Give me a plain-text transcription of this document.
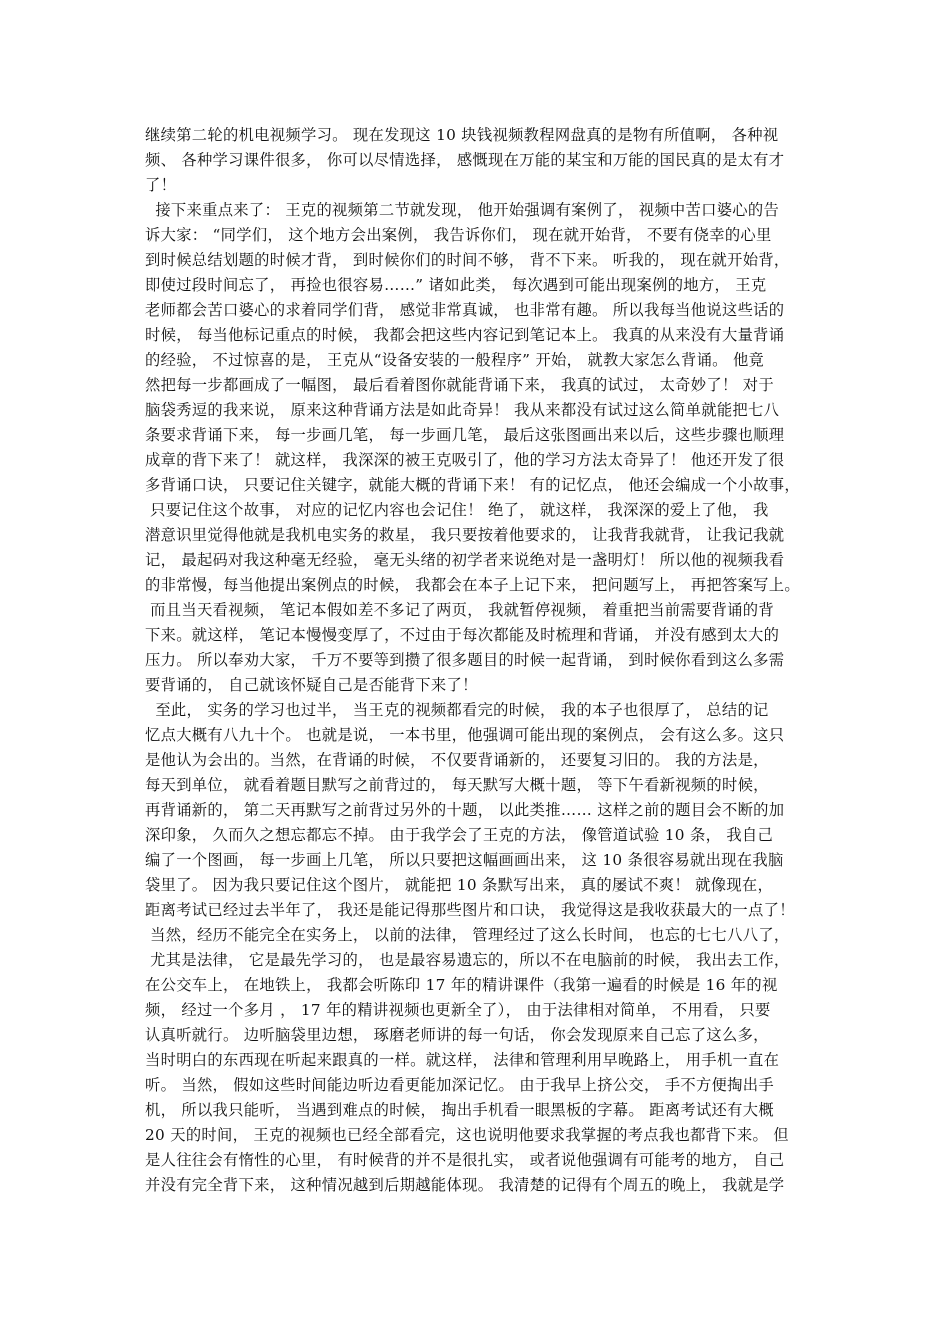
继续第二轮的机电视频学习。 现在发现这 10 块钱视频教程网盘真的是物有所值啊， 各种视
频、 各种学习课件很多， 你可以尽情选择， 感慨现在万能的某宝和万能的国民真的是太有才
了！
接下来重点来了： 王克的视频第二节就发现， 他开始强调有案例了， 视频中苦口婆心的告
诉大家： “同学们， 这个地方会出案例， 我告诉你们， 现在就开始背， 不要有侥幸的心里
到时候总结划题的时候才背， 到时候你们的时间不够， 背不下来。 听我的， 现在就开始背，
即使过段时间忘了， 再捡也很容易……” 诸如此类， 每次遇到可能出现案例的地方， 王克
老师都会苦口婆心的求着同学们背， 感觉非常真诚， 也非常有趣。 所以我每当他说这些话的
时候， 每当他标记重点的时候， 我都会把这些内容记到笔记本上。 我真的从来没有大量背诵
的经验， 不过惊喜的是， 王克从“设备安装的一般程序” 开始， 就教大家怎么背诵。 他竟
然把每一步都画成了一幅图， 最后看着图你就能背诵下来， 我真的试过， 太奇妙了！ 对于
脑袋秀逗的我来说， 原来这种背诵方法是如此奇异！ 我从来都没有试过这么简单就能把七八
条要求背诵下来， 每一步画几笔， 每一步画几笔， 最后这张图画出来以后，这些步骤也顺理
成章的背下来了！ 就这样， 我深深的被王克吸引了，他的学习方法太奇异了！ 他还开发了很
多背诵口诀， 只要记住关键字，就能大概的背诵下来！ 有的记忆点， 他还会编成一个小故事，
只要记住这个故事， 对应的记忆内容也会记住！ 绝了， 就这样， 我深深的爱上了他， 我
潜意识里觉得他就是我机电实务的救星， 我只要按着他要求的， 让我背我就背， 让我记我就
记， 最起码对我这种毫无经验， 毫无头绪的初学者来说绝对是一盏明灯！ 所以他的视频我看
的非常慢，每当他提出案例点的时候， 我都会在本子上记下来， 把问题写上， 再把答案写上。
而且当天看视频， 笔记本假如差不多记了两页， 我就暂停视频， 着重把当前需要背诵的背
下来。就这样， 笔记本慢慢变厚了，不过由于每次都能及时梳理和背诵， 并没有感到太大的
压力。 所以奉劝大家， 千万不要等到攒了很多题目的时候一起背诵， 到时候你看到这么多需
要背诵的， 自己就该怀疑自己是否能背下来了！
至此， 实务的学习也过半， 当王克的视频都看完的时候， 我的本子也很厚了， 总结的记
忆点大概有八九十个。 也就是说， 一本书里，他强调可能出现的案例点， 会有这么多。这只
是他认为会出的。当然，在背诵的时候， 不仅要背诵新的， 还要复习旧的。 我的方法是，
每天到单位， 就看着题目默写之前背过的， 每天默写大概十题， 等下午看新视频的时候，
再背诵新的， 第二天再默写之前背过另外的十题， 以此类推…… 这样之前的题目会不断的加
深印象， 久而久之想忘都忘不掉。 由于我学会了王克的方法， 像管道试验 10 条， 我自己
编了一个图画， 每一步画上几笔， 所以只要把这幅画画出来， 这 10 条很容易就出现在我脑
袋里了。 因为我只要记住这个图片， 就能把 10 条默写出来， 真的屡试不爽！ 就像现在，
距离考试已经过去半年了， 我还是能记得那些图片和口诀， 我觉得这是我收获最大的一点了！
当然，经历不能完全在实务上， 以前的法律， 管理经过了这么长时间， 也忘的七七八八了，
尤其是法律， 它是最先学习的， 也是最容易遗忘的，所以不在电脑前的时候， 我出去工作，
在公交车上， 在地铁上， 我都会听陈印 17 年的精讲课件（我第一遍看的时候是 16 年的视
频， 经过一个多月 ， 17 年的精讲视频也更新全了）， 由于法律相对简单， 不用看， 只要
认真听就行。 边听脑袋里边想， 琢磨老师讲的每一句话， 你会发现原来自己忘了这么多，
当时明白的东西现在听起来跟真的一样。就这样， 法律和管理利用早晚路上， 用手机一直在
听。 当然， 假如这些时间能边听边看更能加深记忆。 由于我早上挤公交， 手不方便掏出手
机， 所以我只能听， 当遇到难点的时候， 掏出手机看一眼黑板的字幕。 距离考试还有大概
20 天的时间， 王克的视频也已经全部看完，这也说明他要求我掌握的考点我也都背下来。 但
是人往往会有惰性的心里， 有时候背的并不是很扎实， 或者说他强调有可能考的地方， 自己
并没有完全背下来， 这种情况越到后期越能体现。 我清楚的记得有个周五的晚上， 我就是学
